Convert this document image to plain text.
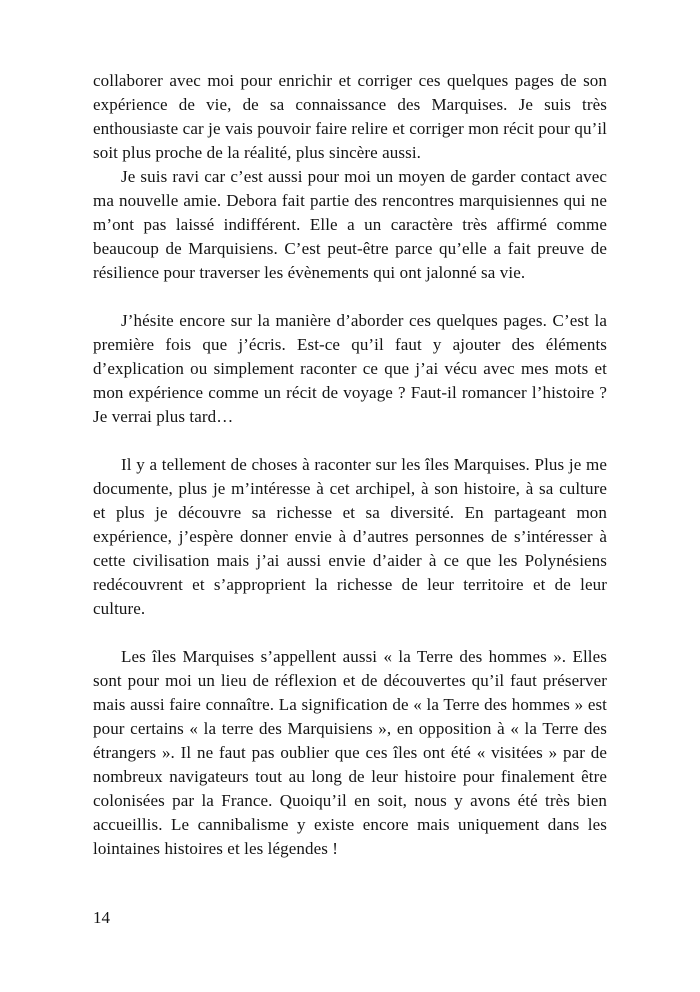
collaborer avec moi pour enrichir et corriger ces quelques pages de son expérience de vie, de sa connaissance des Marquises. Je suis très enthousiaste car je vais pouvoir faire relire et corriger mon récit pour qu’il soit plus proche de la réalité, plus sincère aussi.

Je suis ravi car c’est aussi pour moi un moyen de garder contact avec ma nouvelle amie. Debora fait partie des rencontres marquisiennes qui ne m’ont pas laissé indifférent. Elle a un caractère très affirmé comme beaucoup de Marquisiens. C’est peut-être parce qu’elle a fait preuve de résilience pour traverser les évènements qui ont jalonné sa vie.

J’hésite encore sur la manière d’aborder ces quelques pages. C’est la première fois que j’écris. Est-ce qu’il faut y ajouter des éléments d’explication ou simplement raconter ce que j’ai vécu avec mes mots et mon expérience comme un récit de voyage ? Faut-il romancer l’histoire ? Je verrai plus tard…

Il y a tellement de choses à raconter sur les îles Marquises. Plus je me documente, plus je m’intéresse à cet archipel, à son histoire, à sa culture et plus je découvre sa richesse et sa diversité. En partageant mon expérience, j’espère donner envie à d’autres personnes de s’intéresser à cette civilisation mais j’ai aussi envie d’aider à ce que les Polynésiens redécouvrent et s’approprient la richesse de leur territoire et de leur culture.

Les îles Marquises s’appellent aussi « la Terre des hommes ». Elles sont pour moi un lieu de réflexion et de découvertes qu’il faut préserver mais aussi faire connaître. La signification de « la Terre des hommes » est pour certains « la terre des Marquisiens », en opposition à « la Terre des étrangers ». Il ne faut pas oublier que ces îles ont été « visitées » par de nombreux navigateurs tout au long de leur histoire pour finalement être colonisées par la France. Quoiqu’il en soit, nous y avons été très bien accueillis. Le cannibalisme y existe encore mais uniquement dans les lointaines histoires et les légendes !

14
